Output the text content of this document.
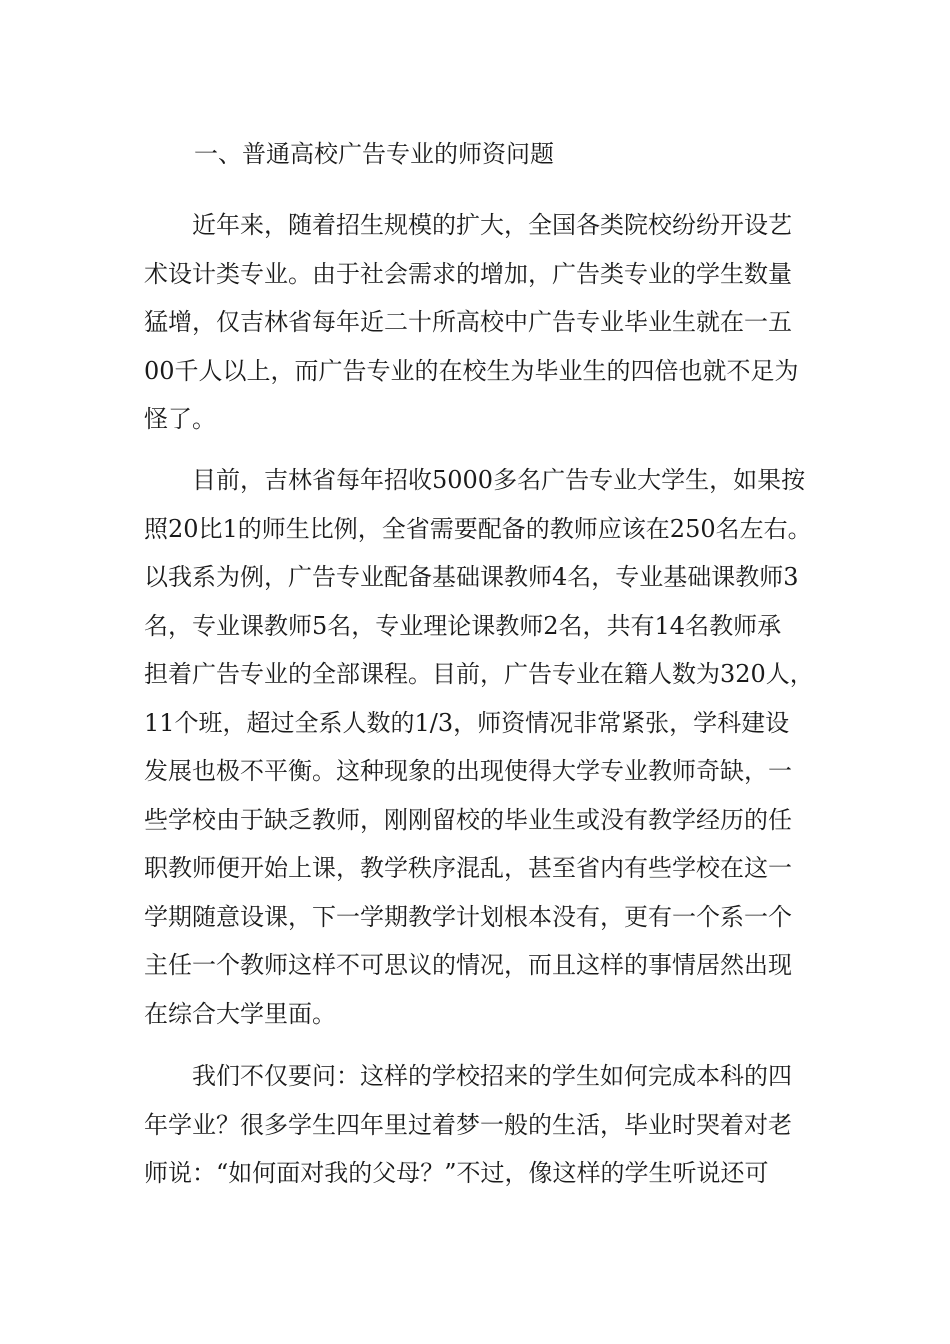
一、普通高校广告专业的师资问题
近年来，随着招生规模的扩大，全国各类院校纷纷开设艺
术设计类专业。由于社会需求的增加，广告类专业的学生数量
猛增，仅吉林省每年近二十所高校中广告专业毕业生就在一五
00千人以上，而广告专业的在校生为毕业生的四倍也就不足为
怪了。
目前，吉林省每年招收5000多名广告专业大学生，如果按
照20比1的师生比例，全省需要配备的教师应该在250名左右。
以我系为例，广告专业配备基础课教师4名，专业基础课教师3
名，专业课教师5名，专业理论课教师2名，共有14名教师承
担着广告专业的全部课程。目前，广告专业在籍人数为320人，
11个班，超过全系人数的1/3，师资情况非常紧张，学科建设
发展也极不平衡。这种现象的出现使得大学专业教师奇缺，一
些学校由于缺乏教师，刚刚留校的毕业生或没有教学经历的任
职教师便开始上课，教学秩序混乱，甚至省内有些学校在这一
学期随意设课，下一学期教学计划根本没有，更有一个系一个
主任一个教师这样不可思议的情况，而且这样的事情居然出现
在综合大学里面。
我们不仅要问：这样的学校招来的学生如何完成本科的四
年学业？很多学生四年里过着梦一般的生活，毕业时哭着对老
师说：“如何面对我的父母？”不过，像这样的学生听说还可
